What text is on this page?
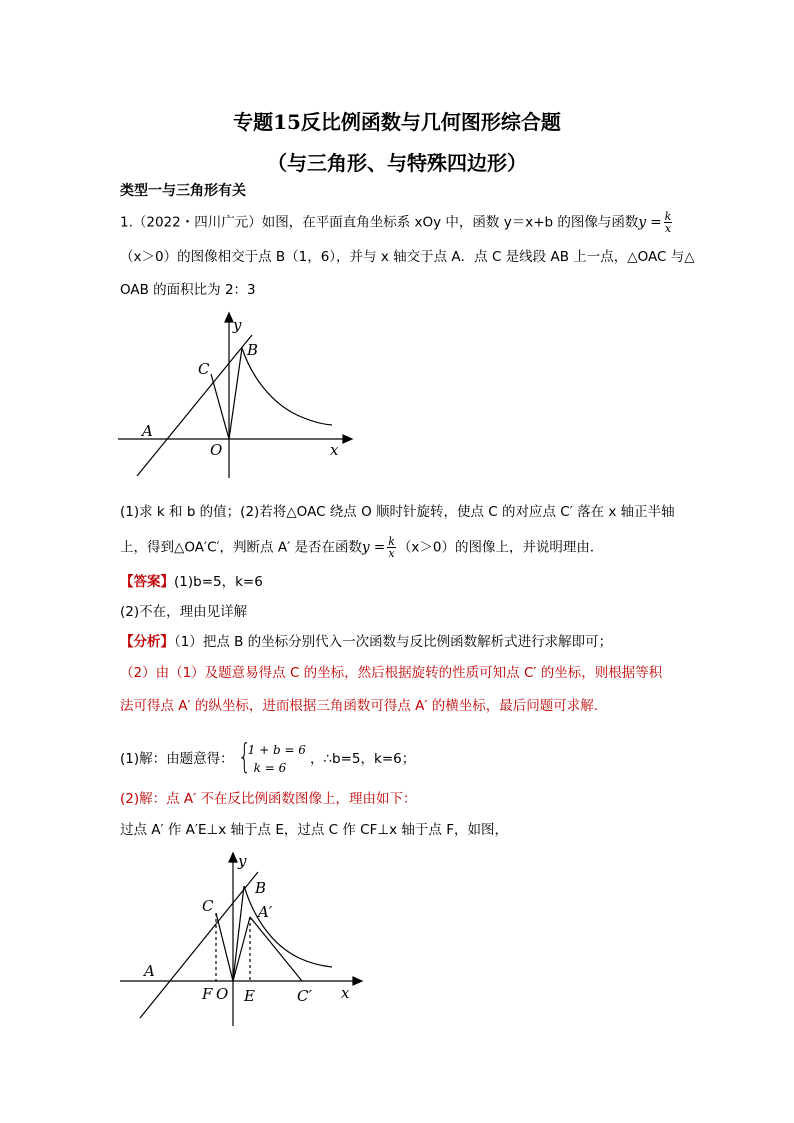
专题15反比例函数与几何图形综合题
（与三角形、与特殊四边形）
类型一与三角形有关
1.（2022・四川广元）如图，在平面直角坐标系 xOy 中，函数 y＝x+b 的图像与函数$y = \frac{k}{x}$
（x＞0）的图像相交于点 B（1，6），并与 x 轴交于点 A．点 C 是线段 AB 上一点，△OAC 与△
OAB 的面积比为 2：3
y
B
C
A
O	x
(1)求 k 和 b 的值；(2)若将△OAC 绕点 O 顺时针旋转，使点 C 的对应点 C′ 落在 x 轴正半轴
上，得到△OA′C′，判断点 A′ 是否在函数$y = \frac{k}{x} (x>0)$的图像上，并说明理由．
【答案】(1)b=5，k=6
(2)不在，理由见详解
【分析】（1）把点 B 的坐标分别代入一次函数与反比例函数解析式进行求解即可；
（2）由（1）及题意易得点 C 的坐标，然后根据旋转的性质可知点 C′ 的坐标，则根据等积
法可得点 A′ 的纵坐标，进而根据三角函数可得点 A′ 的横坐标，最后问题可求解.
(1)解：由题意得： {
1 + b = 6
k = 6
，∴b=5，k=6；
(2)解：点 A′ 不在反比例函数图像上，理由如下：
过点 A′ 作 A′E⊥x 轴于点 E，过点 C 作 CF⊥x 轴于点 F，如图，
y
B
C	A′
A
F O E	C′ x
